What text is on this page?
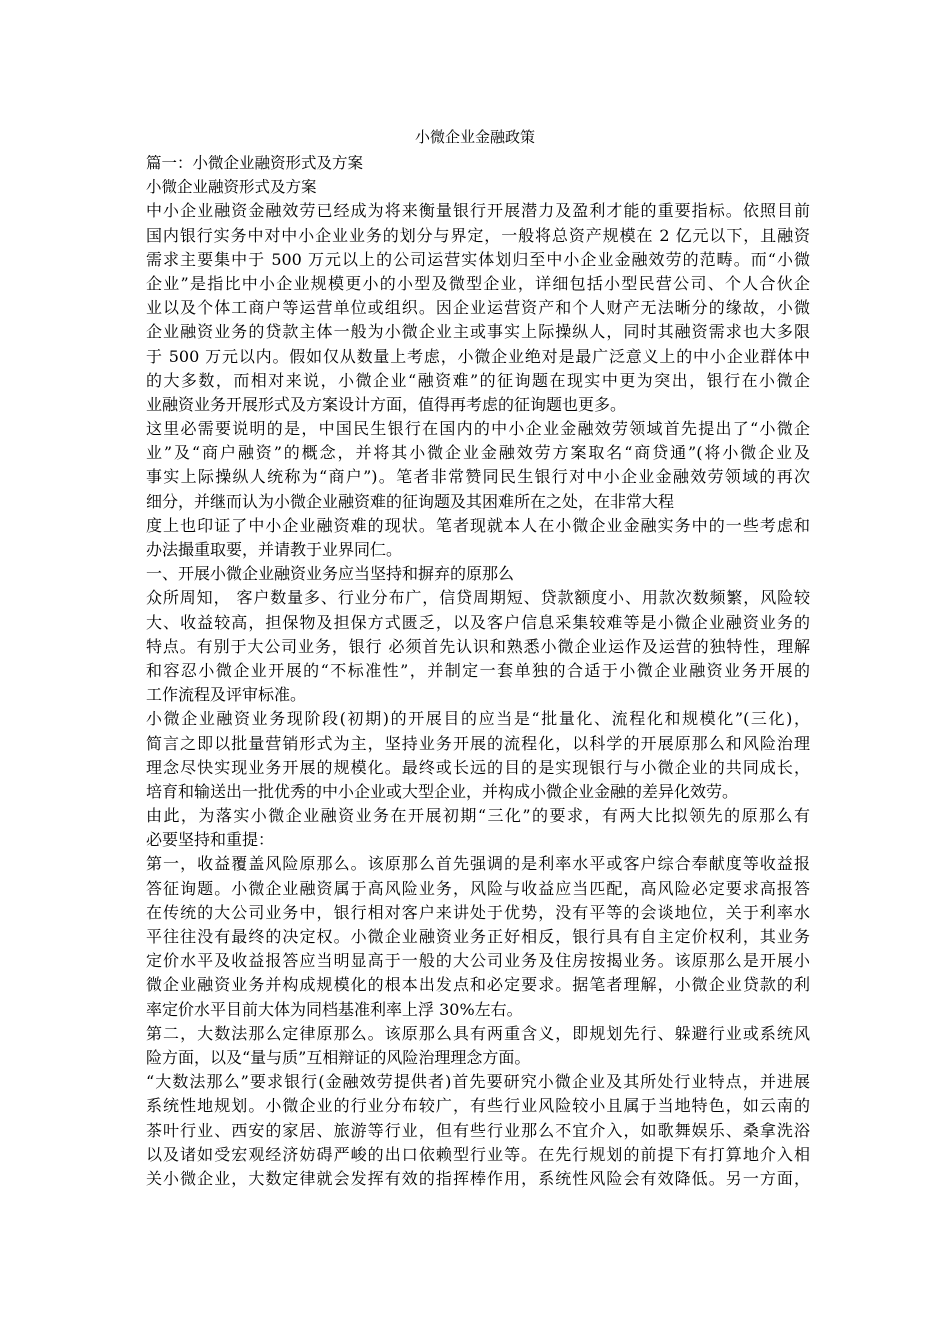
小微企业金融政策
篇一：小微企业融资形式及方案
小微企业融资形式及方案
中小企业融资金融效劳已经成为将来衡量银行开展潜力及盈利才能的重要指标。依照目前
国内银行实务中对中小企业业务的划分与界定，一般将总资产规模在 2 亿元以下，且融资
需求主要集中于 500 万元以上的公司运营实体划归至中小企业金融效劳的范畴。而“小微
企业”是指比中小企业规模更小的小型及微型企业，详细包括小型民营公司、个人合伙企
业以及个体工商户等运营单位或组织。因企业运营资产和个人财产无法晰分的缘故，小微
企业融资业务的贷款主体一般为小微企业主或事实上际操纵人，同时其融资需求也大多限
于 500 万元以内。假如仅从数量上考虑，小微企业绝对是最广泛意义上的中小企业群体中
的大多数，而相对来说，小微企业“融资难”的征询题在现实中更为突出，银行在小微企
业融资业务开展形式及方案设计方面，值得再考虑的征询题也更多。
这里必需要说明的是，中国民生银行在国内的中小企业金融效劳领域首先提出了“小微企
业”及“商户融资”的概念，并将其小微企业金融效劳方案取名“商贷通”(将小微企业及
事实上际操纵人统称为“商户”)。笔者非常赞同民生银行对中小企业金融效劳领域的再次
细分，并继而认为小微企业融资难的征询题及其困难所在之处，在非常大程
度上也印证了中小企业融资难的现状。笔者现就本人在小微企业金融实务中的一些考虑和
办法撮重取要，并请教于业界同仁。
一、开展小微企业融资业务应当坚持和摒弃的原那么
众所周知， 客户数量多、行业分布广，信贷周期短、贷款额度小、用款次数频繁，风险较
大、收益较高，担保物及担保方式匮乏，以及客户信息采集较难等是小微企业融资业务的
特点。有别于大公司业务，银行 必须首先认识和熟悉小微企业运作及运营的独特性，理解
和容忍小微企业开展的“不标准性”，并制定一套单独的合适于小微企业融资业务开展的
工作流程及评审标准。
小微企业融资业务现阶段(初期)的开展目的应当是“批量化、流程化和规模化”(三化)，
简言之即以批量营销形式为主，坚持业务开展的流程化，以科学的开展原那么和风险治理
理念尽快实现业务开展的规模化。最终或长远的目的是实现银行与小微企业的共同成长，
培育和输送出一批优秀的中小企业或大型企业，并构成小微企业金融的差异化效劳。
由此，为落实小微企业融资业务在开展初期“三化”的要求，有两大比拟领先的原那么有
必要坚持和重提：
第一，收益覆盖风险原那么。该原那么首先强调的是利率水平或客户综合奉献度等收益报
答征询题。小微企业融资属于高风险业务，风险与收益应当匹配，高风险必定要求高报答
在传统的大公司业务中，银行相对客户来讲处于优势，没有平等的会谈地位，关于利率水
平往往没有最终的决定权。小微企业融资业务正好相反，银行具有自主定价权利，其业务
定价水平及收益报答应当明显高于一般的大公司业务及住房按揭业务。该原那么是开展小
微企业融资业务并构成规模化的根本出发点和必定要求。据笔者理解，小微企业贷款的利
率定价水平目前大体为同档基准利率上浮 30%左右。
第二，大数法那么定律原那么。该原那么具有两重含义，即规划先行、躲避行业或系统风
险方面，以及“量与质”互相辩证的风险治理理念方面。
“大数法那么”要求银行(金融效劳提供者)首先要研究小微企业及其所处行业特点，并进展
系统性地规划。小微企业的行业分布较广，有些行业风险较小且属于当地特色，如云南的
茶叶行业、西安的家居、旅游等行业，但有些行业那么不宜介入，如歌舞娱乐、桑拿洗浴
以及诸如受宏观经济妨碍严峻的出口依赖型行业等。在先行规划的前提下有打算地介入相
关小微企业，大数定律就会发挥有效的指挥棒作用，系统性风险会有效降低。另一方面，
